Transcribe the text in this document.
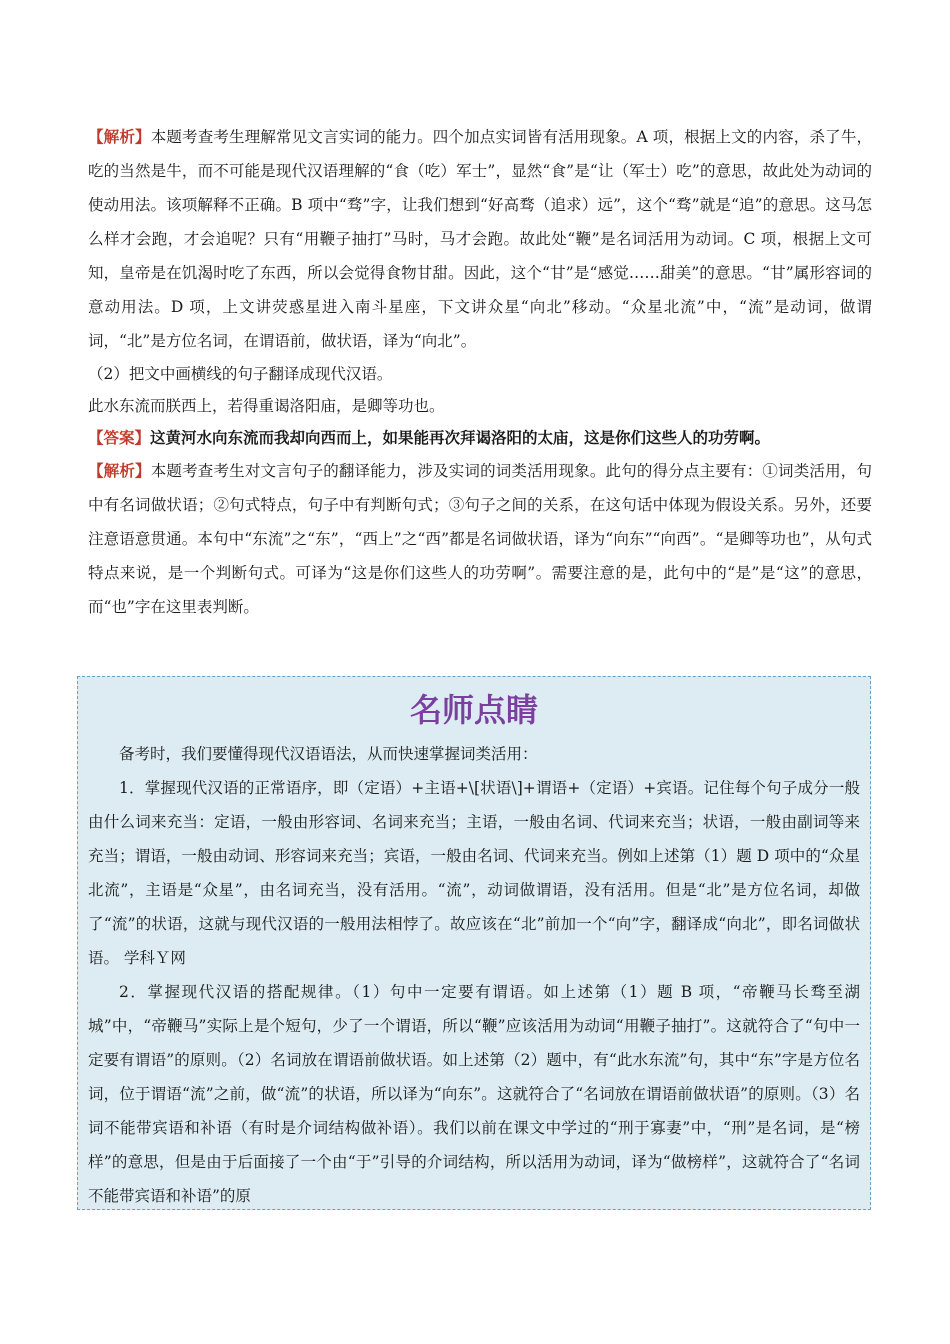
【解析】本题考查考生理解常见文言实词的能力。四个加点实词皆有活用现象。A 项，根据上文的内容，杀了牛，吃的当然是牛，而不可能是现代汉语理解的“食（吃）军士”，显然“食”是“让（军士）吃”的意思，故此处为动词的使动用法。该项解释不正确。B 项中“骛”字，让我们想到“好高骛（追求）远”，这个“骛”就是“追”的意思。这马怎么样才会跑，才会追呢？只有“用鞭子抽打”马时，马才会跑。故此处“鞭”是名词活用为动词。C 项，根据上文可知，皇帝是在饥渴时吃了东西，所以会觉得食物甘甜。因此，这个“甘”是“感觉……甜美”的意思。“甘”属形容词的意动用法。D 项，上文讲荧惑星进入南斗星座，下文讲众星“向北”移动。“众星北流”中，“流”是动词，做谓词，“北”是方位名词，在谓语前，做状语，译为“向北”。

（2）把文中画横线的句子翻译成现代汉语。

此水东流而朕西上，若得重谒洛阳庙，是卿等功也。

【答案】这黄河水向东流而我却向西而上，如果能再次拜谒洛阳的太庙，这是你们这些人的功劳啊。

【解析】本题考查考生对文言句子的翻译能力，涉及实词的词类活用现象。此句的得分点主要有：①词类活用，句中有名词做状语；②句式特点，句子中有判断句式；③句子之间的关系，在这句话中体现为假设关系。另外，还要注意语意贯通。本句中“东流”之“东”，“西上”之“西”都是名词做状语，译为“向东”“向西”。“是卿等功也”，从句式特点来说，是一个判断句式。可译为“这是你们这些人的功劳啊”。需要注意的是，此句中的“是”是“这”的意思，而“也”字在这里表判断。

名师点睛

备考时，我们要懂得现代汉语语法，从而快速掌握词类活用：

1．掌握现代汉语的正常语序，即（定语）+主语+\[状语\]+谓语+（定语）+宾语。记住每个句子成分一般由什么词来充当：定语，一般由形容词、名词来充当；主语，一般由名词、代词来充当；状语，一般由副词等来充当；谓语，一般由动词、形容词来充当；宾语，一般由名词、代词来充当。例如上述第（1）题 D 项中的“众星北流”，主语是“众星”，由名词充当，没有活用。“流”，动词做谓语，没有活用。但是“北”是方位名词，却做了“流”的状语，这就与现代汉语的一般用法相悖了。故应该在“北”前加一个“向”字，翻译成“向北”，即名词做状语。 学科Ｙ网

2．掌握现代汉语的搭配规律。（1）句中一定要有谓语。如上述第（1）题 B 项，“帝鞭马长骛至湖城”中，“帝鞭马”实际上是个短句，少了一个谓语，所以“鞭”应该活用为动词“用鞭子抽打”。这就符合了“句中一定要有谓语”的原则。（2）名词放在谓语前做状语。如上述第（2）题中，有“此水东流”句，其中“东”字是方位名词，位于谓语“流”之前，做“流”的状语，所以译为“向东”。这就符合了“名词放在谓语前做状语”的原则。（3）名词不能带宾语和补语（有时是介词结构做补语）。我们以前在课文中学过的“刑于寡妻”中，“刑”是名词，是“榜样”的意思，但是由于后面接了一个由“于”引导的介词结构，所以活用为动词，译为“做榜样”，这就符合了“名词不能带宾语和补语”的原
